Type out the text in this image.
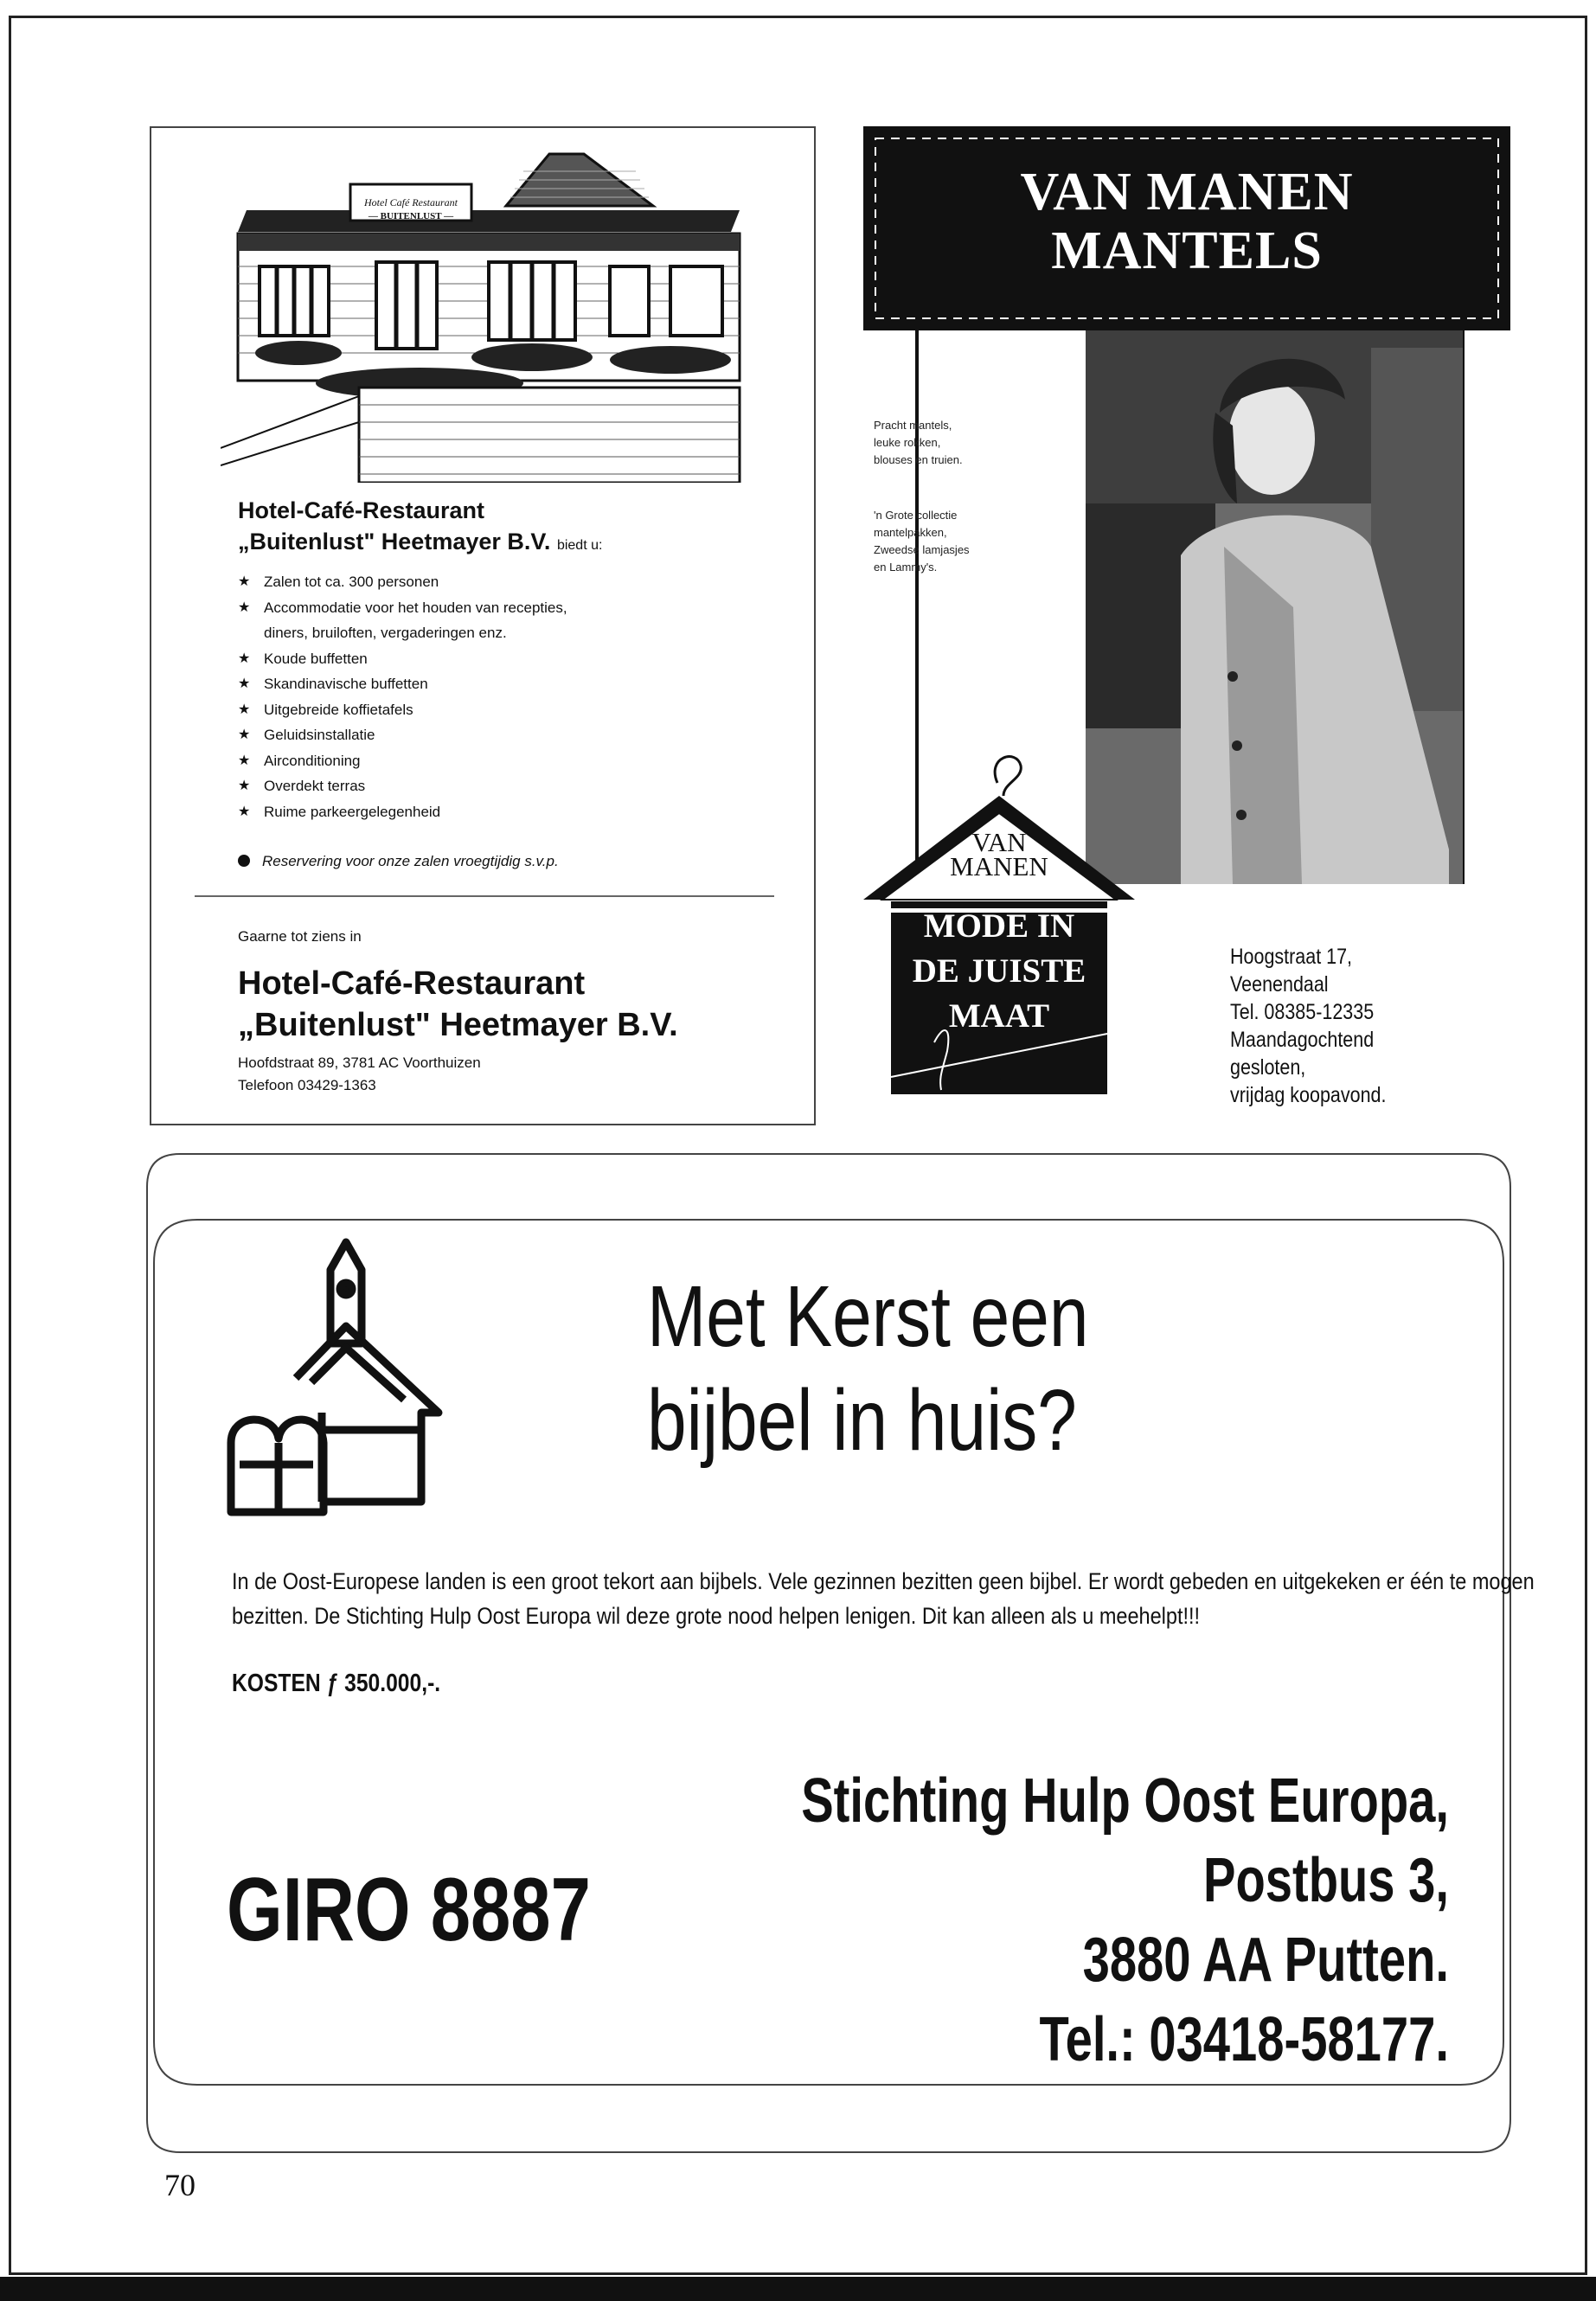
Hotel Café Restaurant
— BUITENLUST —
Hotel-Café-Restaurant
„Buitenlust" Heetmayer B.V. biedt u:
★ Zalen tot ca. 300 personen
★ Accommodatie voor het houden van recepties,
diners, bruiloften, vergaderingen enz.
★ Koude buffetten
★ Skandinavische buffetten
★ Uitgebreide koffietafels
★ Geluidsinstallatie
★ Airconditioning
★ Overdekt terras
★ Ruime parkeergelegenheid
Reservering voor onze zalen vroegtijdig s.v.p.
Gaarne tot ziens in
Hotel-Café-Restaurant
„Buitenlust" Heetmayer B.V.
Hoofdstraat 89, 3781 AC Voorthuizen
Telefoon 03429-1363
VAN MANEN
MANTELS
Pracht mantels,
leuke rokken,
blouses en truien.
'n Grote collectie
mantelpakken,
Zweedse lamjasjes
en Lammy's.
VAN
MANEN
MODE IN
DE JUISTE
MAAT
Hoogstraat 17,
Veenendaal
Tel. 08385-12335
Maandagochtend
gesloten,
vrijdag koopavond.
Met Kerst een
bijbel in huis?
In de Oost-Europese landen is een groot tekort aan bijbels. Vele gezinnen bezitten geen bijbel. Er wordt gebeden en uitgekeken er één te mogen bezitten. De Stichting Hulp Oost Europa wil deze grote nood helpen lenigen. Dit kan alleen als u meehelpt!!!
KOSTEN ƒ 350.000,-.
GIRO 8887
Stichting Hulp Oost Europa,
Postbus 3,
3880 AA Putten.
Tel.: 03418-58177.
70
